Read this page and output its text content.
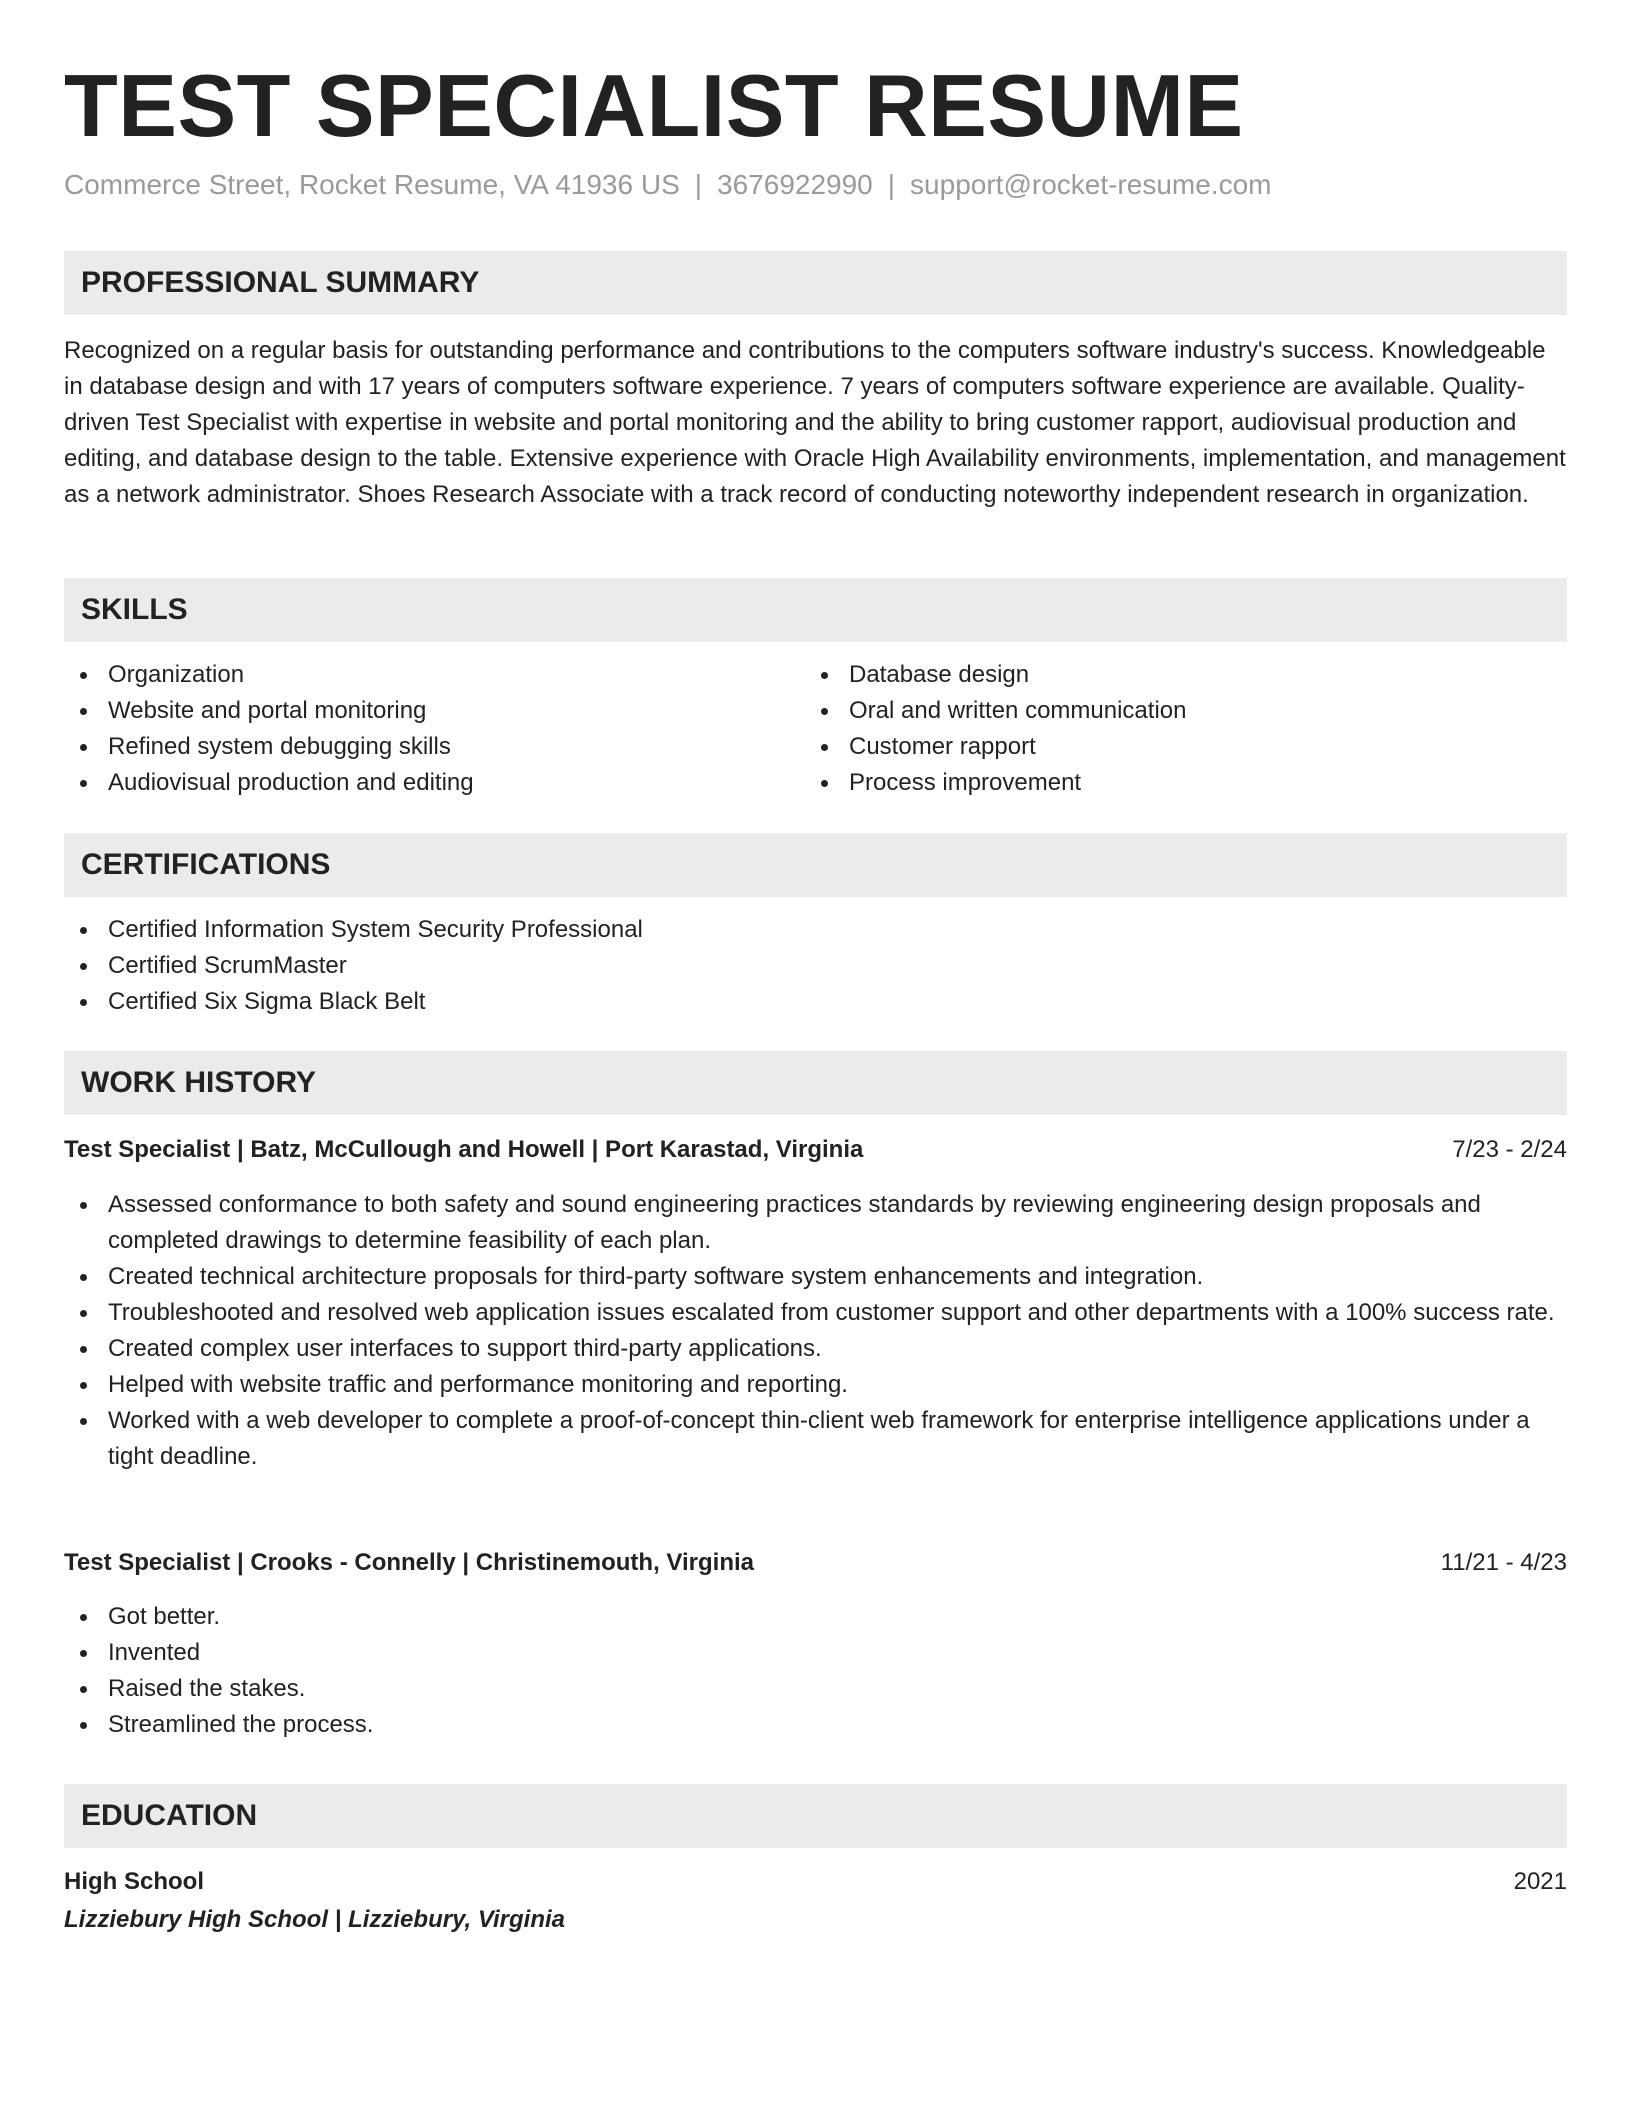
TEST SPECIALIST RESUME
Commerce Street, Rocket Resume, VA 41936 US | 3676922990 | support@rocket-resume.com
PROFESSIONAL SUMMARY

Recognized on a regular basis for outstanding performance and contributions to the computers software industry's success. Knowledgeable in database design and with 17 years of computers software experience. 7 years of computers software experience are available. Quality-driven Test Specialist with expertise in website and portal monitoring and the ability to bring customer rapport, audiovisual production and editing, and database design to the table. Extensive experience with Oracle High Availability environments, implementation, and management as a network administrator. Shoes Research Associate with a track record of conducting noteworthy independent research in organization.

SKILLS
Organization
Website and portal monitoring
Refined system debugging skills
Audiovisual production and editing
Database design
Oral and written communication
Customer rapport
Process improvement
CERTIFICATIONS
Certified Information System Security Professional
Certified ScrumMaster
Certified Six Sigma Black Belt
WORK HISTORY
Test Specialist | Batz, McCullough and Howell | Port Karastad, Virginia	7/23 - 2/24
Assessed conformance to both safety and sound engineering practices standards by reviewing engineering design proposals and completed drawings to determine feasibility of each plan.
Created technical architecture proposals for third-party software system enhancements and integration.
Troubleshooted and resolved web application issues escalated from customer support and other departments with a 100% success rate.
Created complex user interfaces to support third-party applications.
Helped with website traffic and performance monitoring and reporting.
Worked with a web developer to complete a proof-of-concept thin-client web framework for enterprise intelligence applications under a tight deadline.
Test Specialist | Crooks - Connelly | Christinemouth, Virginia	11/21 - 4/23
Got better.
Invented
Raised the stakes.
Streamlined the process.
EDUCATION
High School	2021
Lizziebury High School | Lizziebury, Virginia
